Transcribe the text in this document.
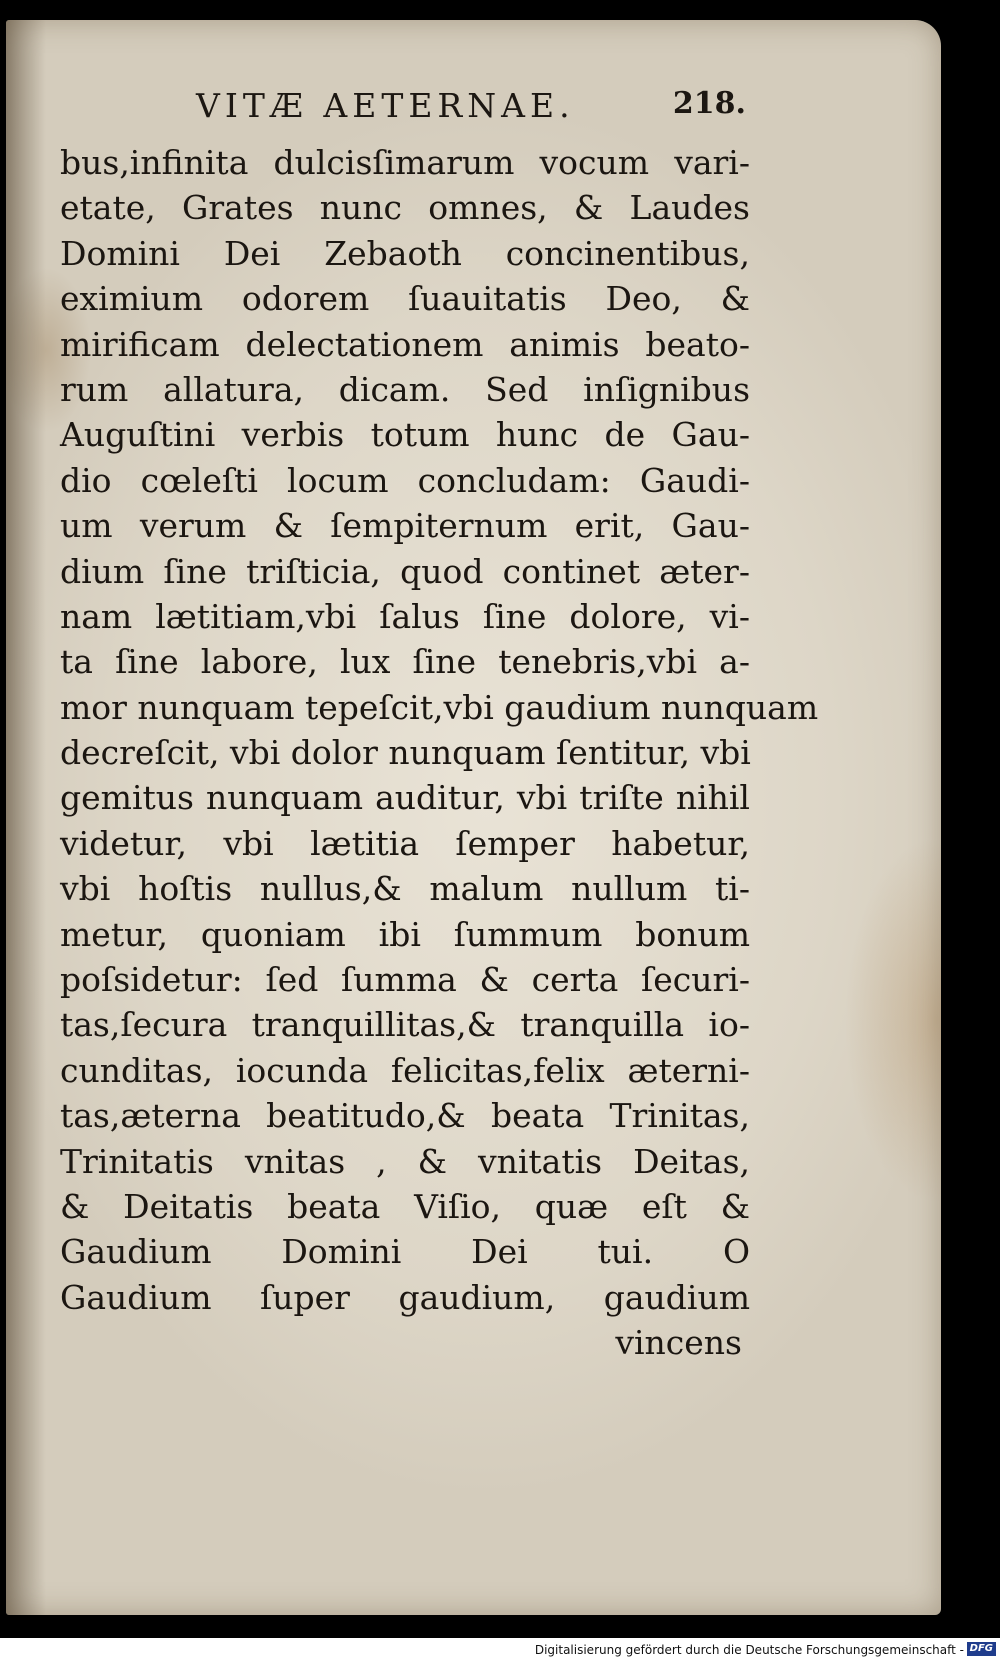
VITÆ AETERNAE.	218.
bus,infinita dulcisſimarum vocum vari-
etate, Grates nunc omnes, & Laudes
Domini Dei Zebaoth concinentibus,
eximium odorem ſuauitatis Deo, &
mirificam delectationem animis beato-
rum allatura, dicam. Sed inſignibus
Auguſtini verbis totum hunc de Gau-
dio cœleſti locum concludam: Gaudi-
um verum & ſempiternum erit, Gau-
dium ſine triſticia, quod continet æter-
nam lætitiam,vbi ſalus ſine dolore, vi-
ta ſine labore, lux ſine tenebris,vbi a-
mor nunquam tepeſcit,vbi gaudium nunquam
decreſcit, vbi dolor nunquam ſentitur, vbi
gemitus nunquam auditur, vbi triſte nihil
videtur, vbi lætitia ſemper habetur,
vbi hoſtis nullus,& malum nullum ti-
metur, quoniam ibi ſummum bonum
poſsidetur: ſed ſumma & certa ſecuri-
tas,ſecura tranquillitas,& tranquilla io-
cunditas, iocunda felicitas,felix æterni-
tas,æterna beatitudo,& beata Trinitas,
Trinitatis vnitas , & vnitatis Deitas,
& Deitatis beata Viſio, quæ eſt &
Gaudium Domini Dei tui. O
Gaudium ſuper gaudium, gaudium
vincens
Digitalisierung gefördert durch die Deutsche Forschungsgemeinschaft - DFG
